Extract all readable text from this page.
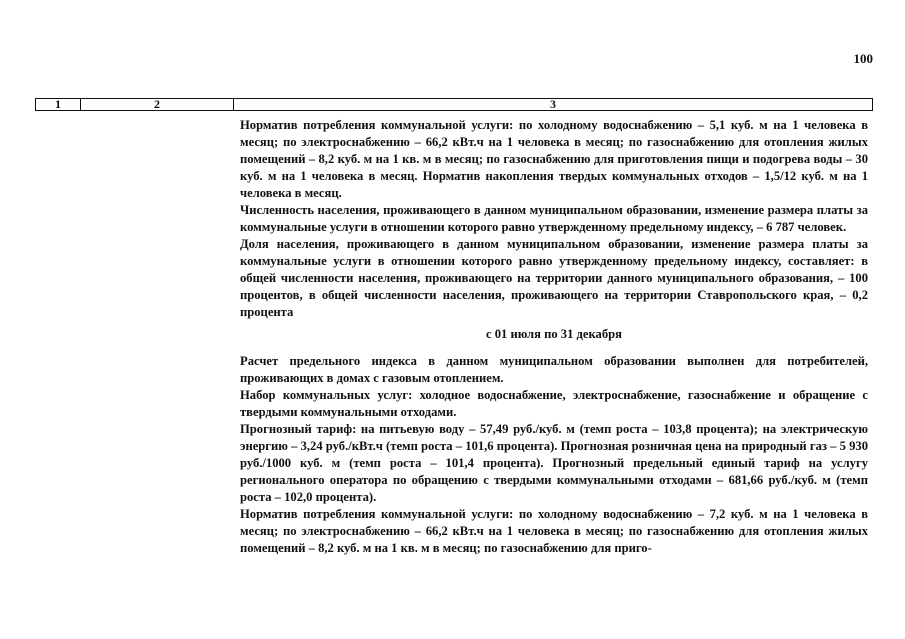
100
1	2	3

Норматив потребления коммунальной услуги: по холодному водоснабжению – 5,1 куб. м на 1 человека в месяц; по электроснабжению – 66,2 кВт.ч на 1 человека в месяц; по газоснабжению для отопления жилых помещений – 8,2 куб. м на 1 кв. м в месяц; по газоснабжению для приготовления пищи и подогрева воды – 30 куб. м на 1 человека в месяц. Норматив накопления твердых коммунальных отходов – 1,5/12 куб. м на 1 человека в месяц.

Численность населения, проживающего в данном муниципальном образовании, изменение размера платы за коммунальные услуги в отношении которого равно утвержденному предельному индексу, – 6 787 человек.

Доля населения, проживающего в данном муниципальном образовании, изменение размера платы за коммунальные услуги в отношении которого равно утвержденному предельному индексу, составляет: в общей численности населения, проживающего на территории данного муниципального образования, – 100 процентов, в общей численности населения, проживающего на территории Ставропольского края, – 0,2 процента

с 01 июля по 31 декабря

Расчет предельного индекса в данном муниципальном образовании выполнен для потребителей, проживающих в домах с газовым отоплением.

Набор коммунальных услуг: холодное водоснабжение, электроснабжение, газоснабжение и обращение с твердыми коммунальными отходами.

Прогнозный тариф: на питьевую воду – 57,49 руб./куб. м (темп роста – 103,8 процента); на электрическую энергию – 3,24 руб./кВт.ч (темп роста – 101,6 процента). Прогнозная розничная цена на природный газ – 5 930 руб./1000 куб. м (темп роста – 101,4 процента). Прогнозный предельный единый тариф на услугу регионального оператора по обращению с твердыми коммунальными отходами – 681,66 руб./куб. м (темп роста – 102,0 процента).

Норматив потребления коммунальной услуги: по холодному водоснабжению – 7,2 куб. м на 1 человека в месяц; по электроснабжению – 66,2 кВт.ч на 1 человека в месяц; по газоснабжению для отопления жилых помещений – 8,2 куб. м на 1 кв. м в месяц; по газоснабжению для приго-
